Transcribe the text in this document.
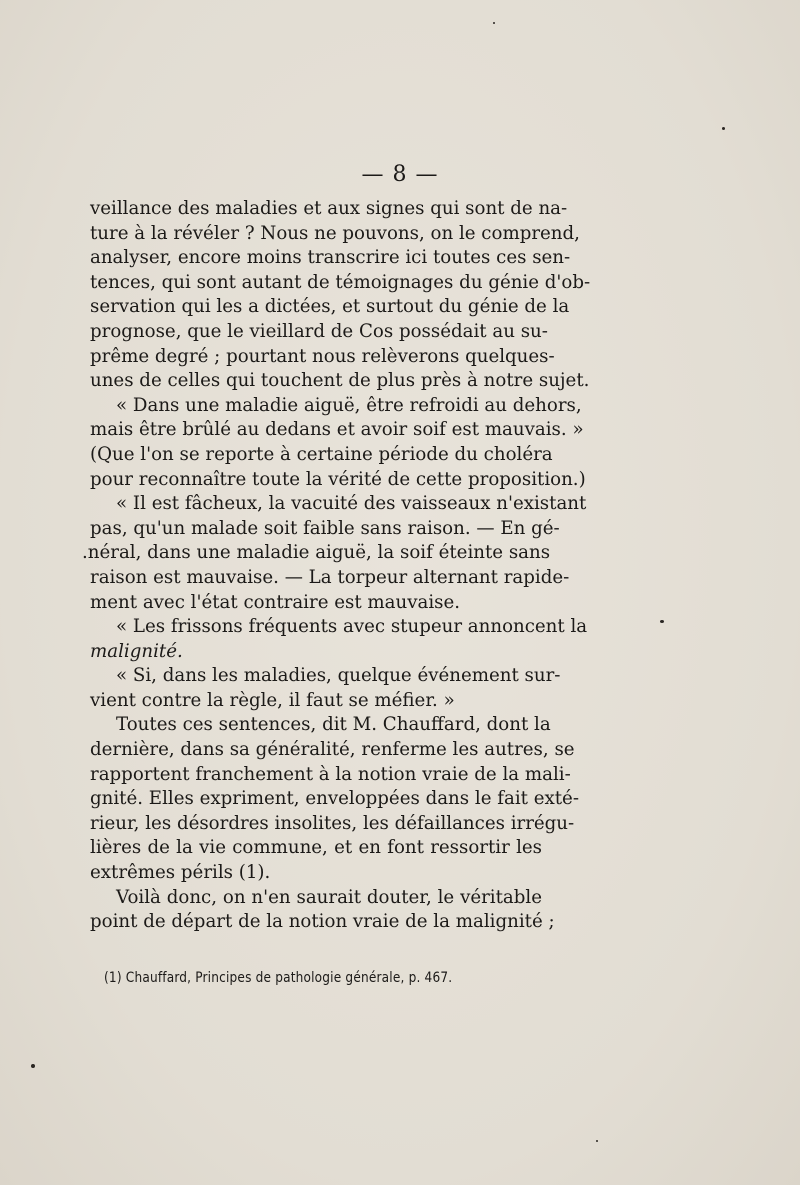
— 8 —
veillance des maladies et aux signes qui sont de na-
ture à la révéler ? Nous ne pouvons, on le comprend,
analyser, encore moins transcrire ici toutes ces sen-
tences, qui sont autant de témoignages du génie d'ob-
servation qui les a dictées, et surtout du génie de la
prognose, que le vieillard de Cos possédait au su-
prême degré ; pourtant nous relèverons quelques-
unes de celles qui touchent de plus près à notre sujet.
« Dans une maladie aiguë, être refroidi au dehors,
mais être brûlé au dedans et avoir soif est mauvais. »
(Que l'on se reporte à certaine période du choléra
pour reconnaître toute la vérité de cette proposition.)
« Il est fâcheux, la vacuité des vaisseaux n'existant
pas, qu'un malade soit faible sans raison. — En gé-
.néral, dans une maladie aiguë, la soif éteinte sans
raison est mauvaise. — La torpeur alternant rapide-
ment avec l'état contraire est mauvaise.
« Les frissons fréquents avec stupeur annoncent la
malignité.
« Si, dans les maladies, quelque événement sur-
vient contre la règle, il faut se méfier. »
Toutes ces sentences, dit M. Chauffard, dont la
dernière, dans sa généralité, renferme les autres, se
rapportent franchement à la notion vraie de la mali-
gnité. Elles expriment, enveloppées dans le fait exté-
rieur, les désordres insolites, les défaillances irrégu-
lières de la vie commune, et en font ressortir les
extrêmes périls (1).
Voilà donc, on n'en saurait douter, le véritable
point de départ de la notion vraie de la malignité ;
(1) Chauffard, Principes de pathologie générale, p. 467.
